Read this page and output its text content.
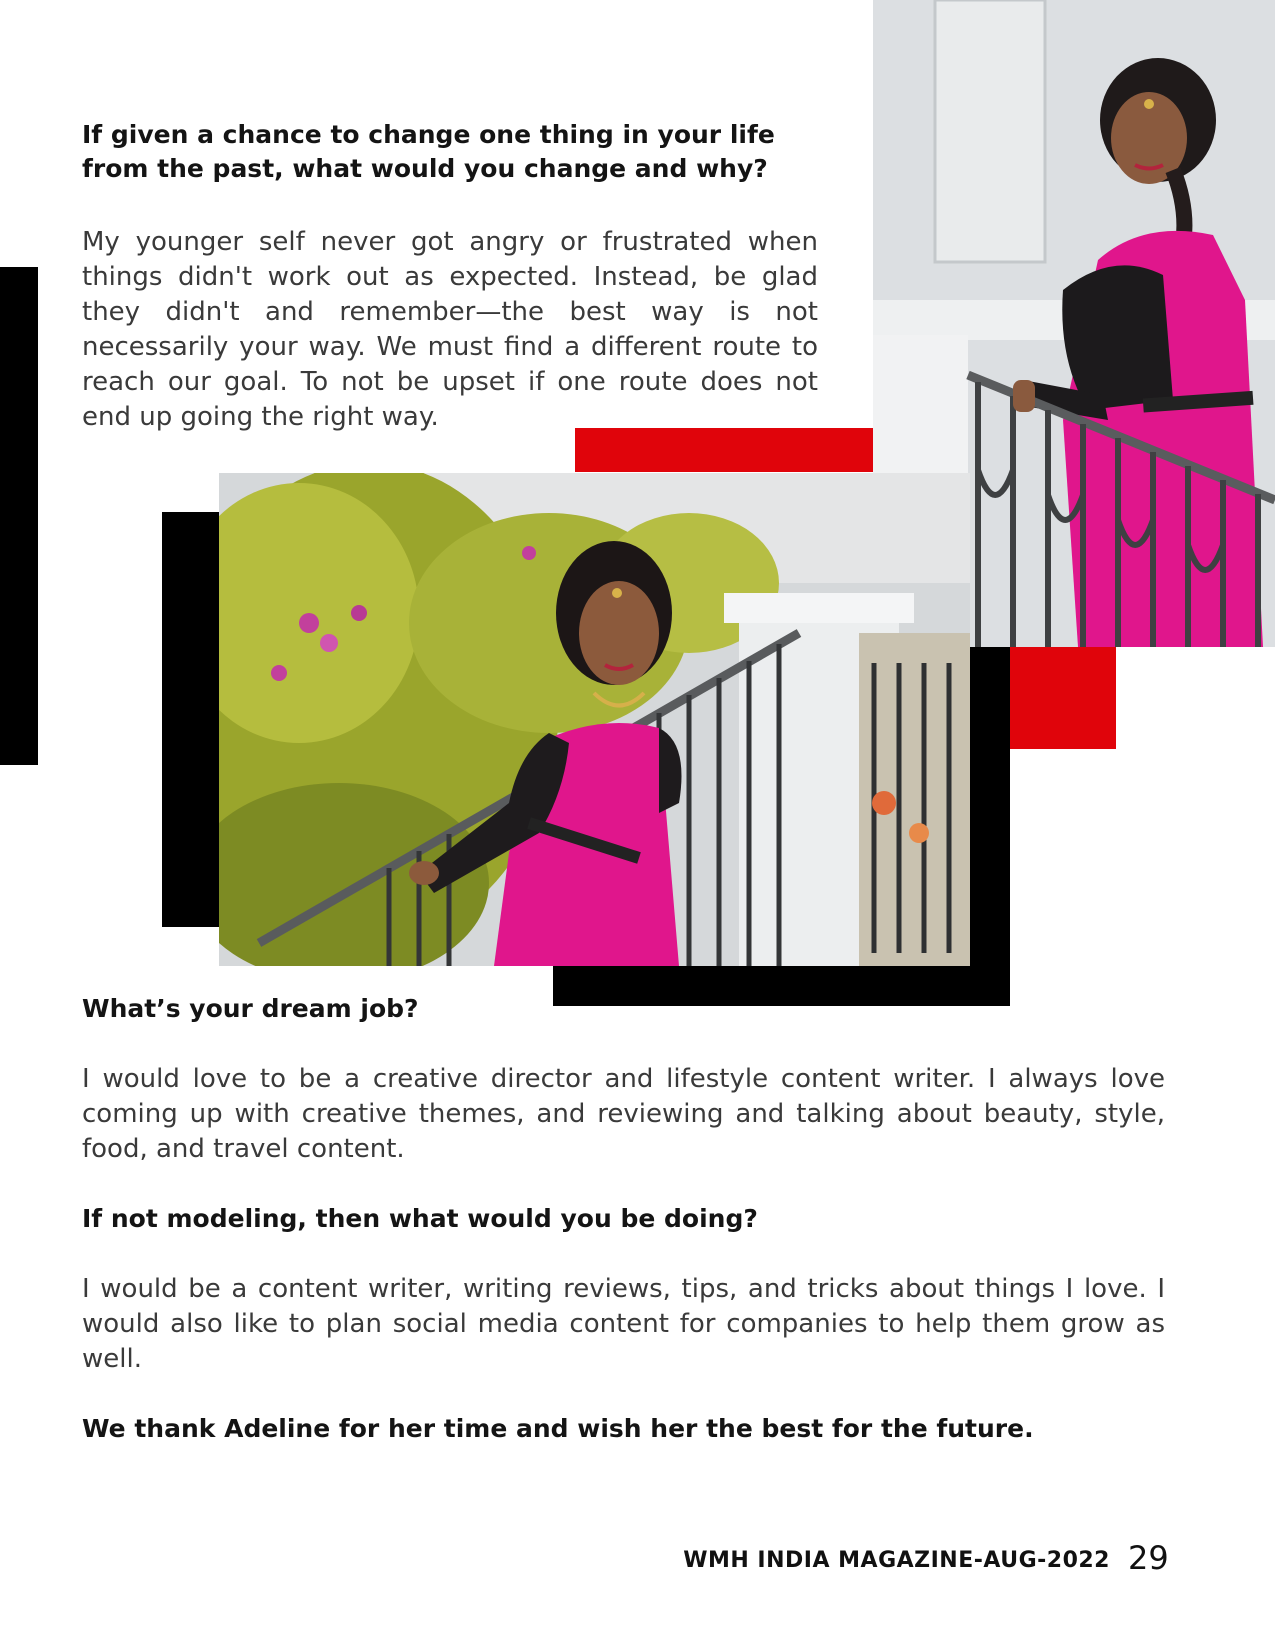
If given a chance to change one thing in your life from the past, what would you change and why?

My younger self never got angry or frustrated when things didn't work out as expected. Instead, be glad they didn't and remember—the best way is not necessarily your way. We must find a different route to reach our goal. To not be upset if one route does not end up going the right way.

What’s your dream job?

I would love to be a creative director and lifestyle content writer. I always love coming up with creative themes, and reviewing and talking about beauty, style, food, and travel content.

If not modeling, then what would you be doing?

I would be a content writer, writing reviews, tips, and tricks about things I love. I would also like to plan social media content for companies to help them grow as well.

We thank Adeline for her time and wish her the best for the future.

WMH INDIA MAGAZINE-AUG-2022 29
